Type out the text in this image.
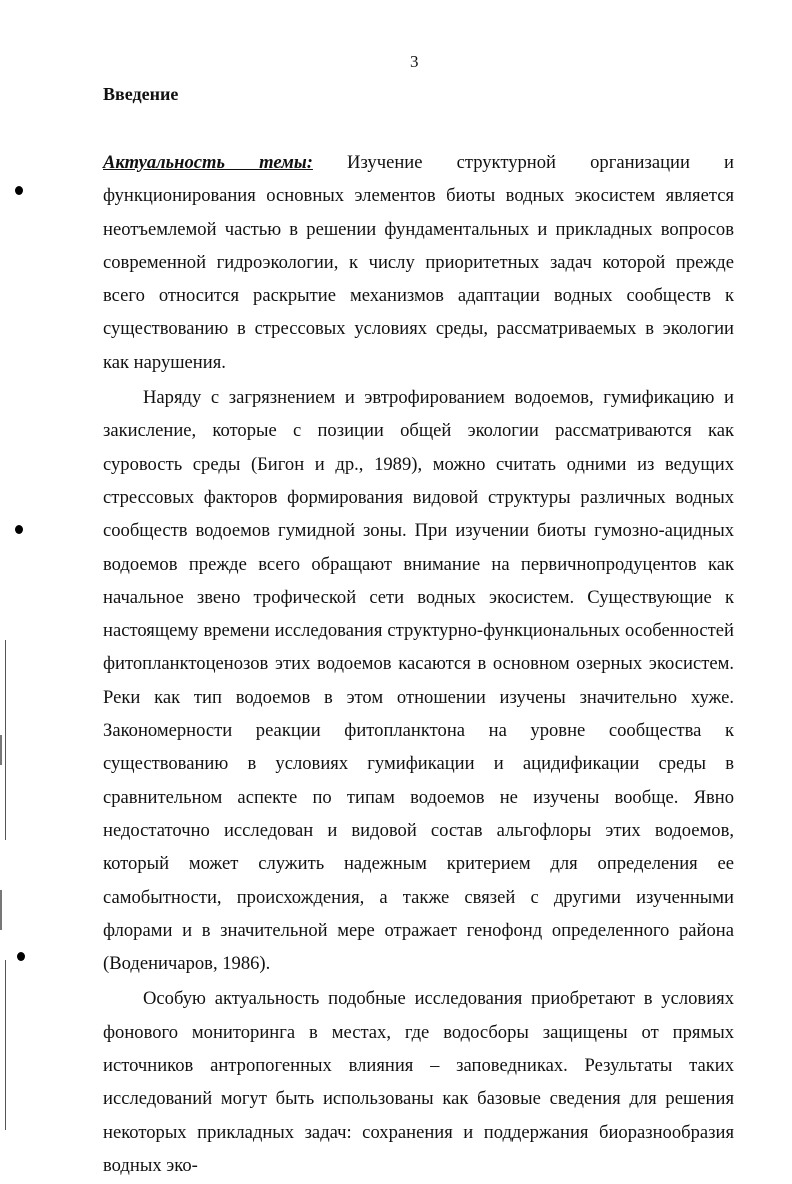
3
Введение

Актуальность темы: Изучение структурной организации и функционирования основных элементов биоты водных экосистем является неотъемлемой частью в решении фундаментальных и прикладных вопросов современной гидроэкологии, к числу приоритетных задач которой прежде всего относится раскрытие механизмов адаптации водных сообществ к существованию в стрессовых условиях среды, рассматриваемых в экологии как нарушения.

Наряду с загрязнением и эвтрофированием водоемов, гумификацию и закисление, которые с позиции общей экологии рассматриваются как суровость среды (Бигон и др., 1989), можно считать одними из ведущих стрессовых факторов формирования видовой структуры различных водных сообществ водоемов гумидной зоны. При изучении биоты гумозно-ацидных водоемов прежде всего обращают внимание на первичнопродуцентов как начальное звено трофической сети водных экосистем. Существующие к настоящему времени исследования структурно-функциональных особенностей фитопланктоценозов этих водоемов касаются в основном озерных экосистем. Реки как тип водоемов в этом отношении изучены значительно хуже. Закономерности реакции фитопланктона на уровне сообщества к существованию в условиях гумификации и ацидификации среды в сравнительном аспекте по типам водоемов не изучены вообще. Явно недостаточно исследован и видовой состав альгофлоры этих водоемов, который может служить надежным критерием для определения ее самобытности, происхождения, а также связей с другими изученными флорами и в значительной мере отражает генофонд определенного района (Воденичаров, 1986).

Особую актуальность подобные исследования приобретают в условиях фонового мониторинга в местах, где водосборы защищены от прямых источников антропогенных влияния – заповедниках. Результаты таких исследований могут быть использованы как базовые сведения для решения некоторых прикладных задач: сохранения и поддержания биоразнообразия водных эко-
